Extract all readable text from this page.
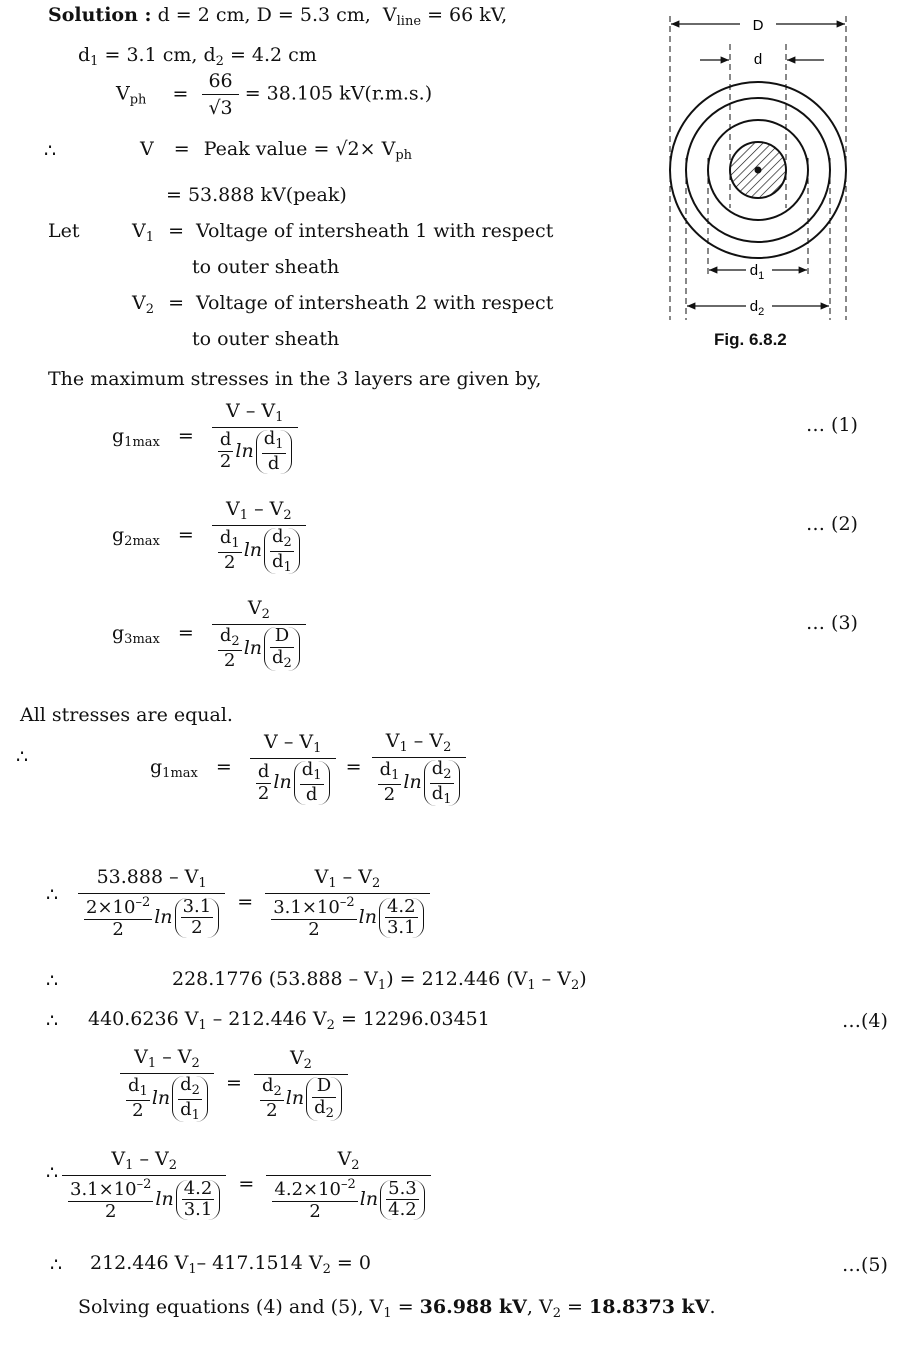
Solution : d = 2 cm, D = 5.3 cm, $V_{line} = 66$ kV,
$d_1 = 3.1$ cm, $d_2 = 4.2$ cm
$V_{ph} = \frac{66}{√3} = 38.105$ kV(r.m.s.)
∴	V = Peak value = $√2\times V_{ph}$
= 53.888 kV(peak)
Let	$V_1$ = Voltage of intersheath 1 with respect
to outer sheath
$V_2$ = Voltage of intersheath 2 with respect
to outer sheath
D
d
$d_1$
$d_2$
Fig. 6.8.2
The maximum stresses in the 3 layers are given by,
$g_{1max} = \frac{V - V_1}{\frac{d}{2} \ln \frac{d_1}{d}}$	… (1)
$g_{2max} = \frac{V_1 - V_2}{\frac{d_1}{2} \ln \frac{d_2}{d_1}}$	… (2)
$g_{3max} = \frac{V_2}{\frac{d_2}{2} \ln \frac{D}{d_2}}$	… (3)
All stresses are equal.
∴	$g_{1max} = \frac{V - V_1}{\frac{d}{2} \ln \frac{d_1}{d}} = \frac{V_1 - V_2}{\frac{d_1}{2} \ln \frac{d_2}{d_1}}$
∴ $\frac{53.888 - V_1}{\frac{2\times 10^{-2}}{2} \ln \frac{3.1}{2}} = \frac{V_1 - V_2}{\frac{3.1\times 10^{-2}}{2} \ln \frac{4.2}{3.1}}$
∴	228.1776 $(53.888 - V_1) = 212.446$ $(V_1 - V_2)$
∴ 440.6236 $V_1 - 212.446$ $V_2 = 12296.03451$	…(4)
$\frac{V_1 - V_2}{\frac{d_1}{2} \ln \frac{d_2}{d_1}} = \frac{V_2}{\frac{d_2}{2} \ln \frac{D}{d_2}}$
∴ $\frac{V_1 - V_2}{\frac{3.1\times 10^{-2}}{2} \ln \frac{4.2}{3.1}} = \frac{V_2}{\frac{4.2\times 10^{-2}}{2} \ln \frac{5.3}{4.2}}$
∴ 212.446 $V_1-$ 417.1514 $V_2 = 0$	…(5)
Solving equations (4) and (5), $V_1 = 36.988$ kV, $V_2 = 18.8373$ kV.
